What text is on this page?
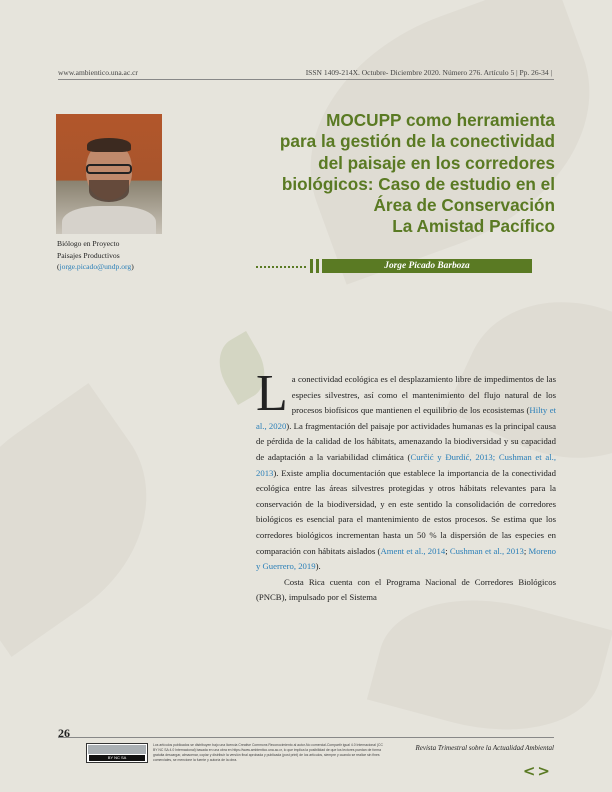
www.ambientico.una.ac.cr	ISSN 1409-214X. Octubre- Diciembre 2020. Número 276. Artículo 5 | Pp. 26-34 |
Biólogo en Proyecto
Paisajes Productivos
(jorge.picado@undp.org)
MOCUPP como herramienta
para la gestión de la conectividad
del paisaje en los corredores
biológicos: Caso de estudio en el
Área de Conservación
La Amistad Pacífico
Jorge Picado Barboza

La conectividad ecológica es el desplazamiento libre de impedimentos de las especies silvestres, así como el mantenimiento del flujo natural de los procesos biofísicos que mantienen el equilibrio de los ecosistemas (Hilty et al., 2020). La fragmentación del paisaje por actividades humanas es la principal causa de pérdida de la calidad de los hábitats, amenazando la biodiversidad y su capacidad de adaptación a la variabilidad climática (Curčić y Đurdić, 2013; Cushman et al., 2013). Existe amplia documentación que establece la importancia de la conectividad ecológica entre las áreas silvestres protegidas y otros hábitats relevantes para la conservación de la biodiversidad, y en este sentido la consolidación de corredores biológicos es esencial para el mantenimiento de estos procesos. Se estima que los corredores biológicos incrementan hasta un 50 % la dispersión de las especies en comparación con hábitats aislados (Ament et al., 2014; Cushman et al., 2013; Moreno y Guerrero, 2019).

Costa Rica cuenta con el Programa Nacional de Corredores Biológicos (PNCB), impulsado por el Sistema

26
BY NC SA
Los artículos publicados se distribuyen bajo una licencia Creative Commons Reconocimiento al autor-No comercial-Compartir igual 4.0 Internacional (CC BY NC SA 4.0 Internacional) basada en una obra en https://www.ambientico.una.ac.cr, lo que implica la posibilidad de que los lectores puedan de forma gratuita descargar, almacenar, copiar y distribuir la versión final aprobada y publicada (post print) de los artículos, siempre y cuando se realice sin fines comerciales, se mencione la fuente y autoría de la obra.
Revista Trimestral sobre la Actualidad Ambiental
<>
